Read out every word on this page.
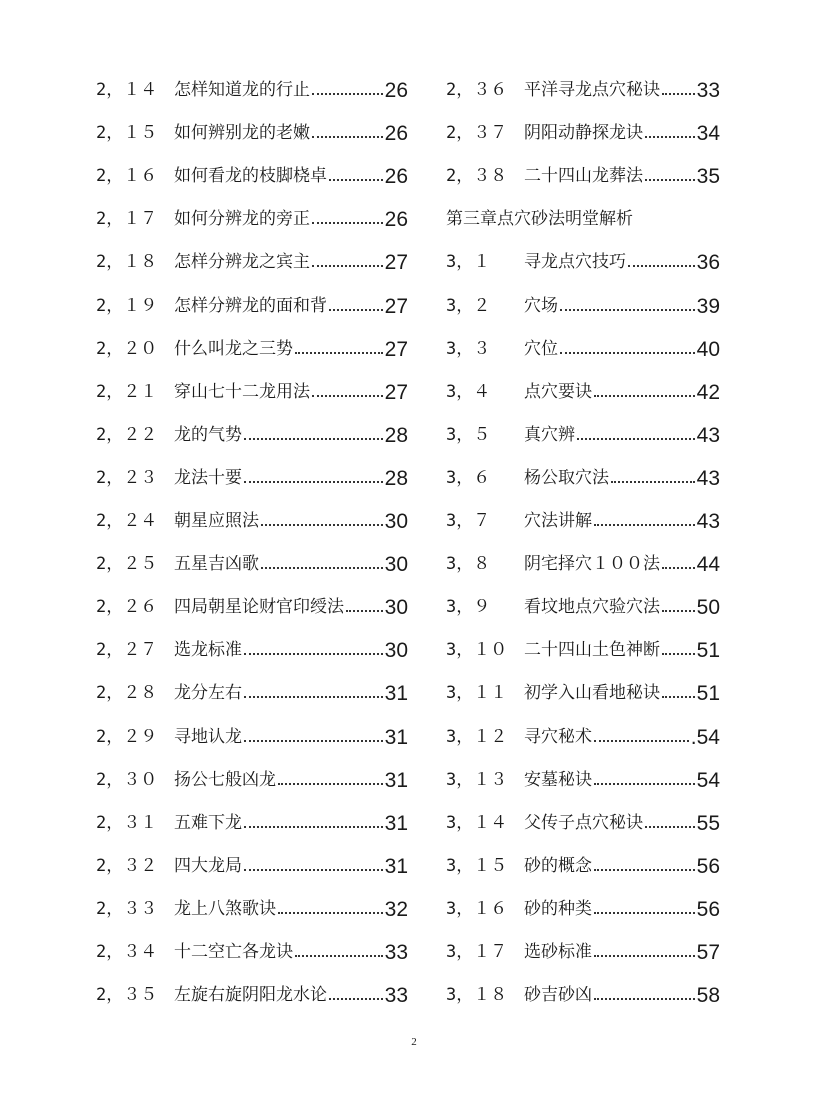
2，１４ 怎样知道龙的行止	26
2，１５ 如何辨别龙的老嫩	26
2，１６ 如何看龙的枝脚桡卓	26
2，１７ 如何分辨龙的旁正	26
2，１８ 怎样分辨龙之宾主	27
2，１９ 怎样分辨龙的面和背	27
2，２０ 什么叫龙之三势	27
2，２１ 穿山七十二龙用法	27
2，２２ 龙的气势	28
2，２３ 龙法十要	28
2，２４ 朝星应照法	30
2，２５ 五星吉凶歌	30
2，２６ 四局朝星论财官印绶法 30
2，２７ 选龙标准	30
2，２８ 龙分左右	31
2，２９ 寻地认龙	31
2，３０ 扬公七般凶龙	31
2，３１ 五难下龙	31
2，３２ 四大龙局	31
2，３３ 龙上八煞歌诀	32
2，３４ 十二空亡各龙诀	33
2，３５ 左旋右旋阴阳龙水论	33
2，３６ 平洋寻龙点穴秘诀 33
2，３７ 阴阳动静探龙诀	34
2，３８ 二十四山龙葬法	35
第三章点穴砂法明堂解析
3，１	寻龙点穴技巧	36
3，２	穴场	39
3，３	穴位	40
3，４	点穴要诀	42
3，５	真穴辨	43
3，６	杨公取穴法	43
3，７	穴法讲解	43
3，８	阴宅择穴１００法 44
3，９	看坟地点穴验穴法 50
3，１０ 二十四山土色神断 51
3，１１ 初学入山看地秘诀 51
3，１２ 寻穴秘术	.54
3，１３ 安墓秘诀	54
3，１４ 父传子点穴秘诀	55
3，１５ 砂的概念	56
3，１６ 砂的种类	56
3，１７ 选砂标准	57
3，１８ 砂吉砂凶	58
2
